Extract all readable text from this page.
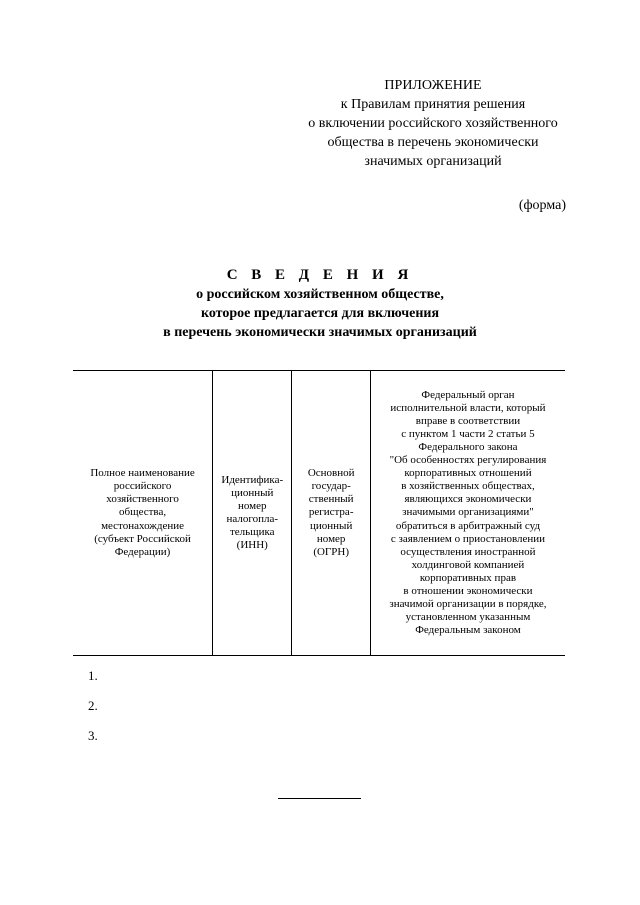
ПРИЛОЖЕНИЕ
к Правилам принятия решения
о включении российского хозяйственного
общества в перечень экономически
значимых организаций
(форма)
С В Е Д Е Н И Я
о российском хозяйственном обществе,
которое предлагается для включения
в перечень экономически значимых организаций
Полное наименование
российского
хозяйственного
общества,
местонахождение
(субъект Российской
Федерации)

Идентифика-
ционный
номер
налогопла-
тельщика
(ИНН)

Основной
государ-
ственный
регистра-
ционный
номер
(ОГРН)

Федеральный орган
исполнительной власти, который
вправе в соответствии
с пунктом 1 части 2 статьи 5
Федерального закона
"Об особенностях регулирования
корпоративных отношений
в хозяйственных обществах,
являющихся экономически
значимыми организациями"
обратиться в арбитражный суд
с заявлением о приостановлении
осуществления иностранной
холдинговой компанией
корпоративных прав
в отношении экономически
значимой организации в порядке,
установленном указанным
Федеральным законом
1.
2.
3.
